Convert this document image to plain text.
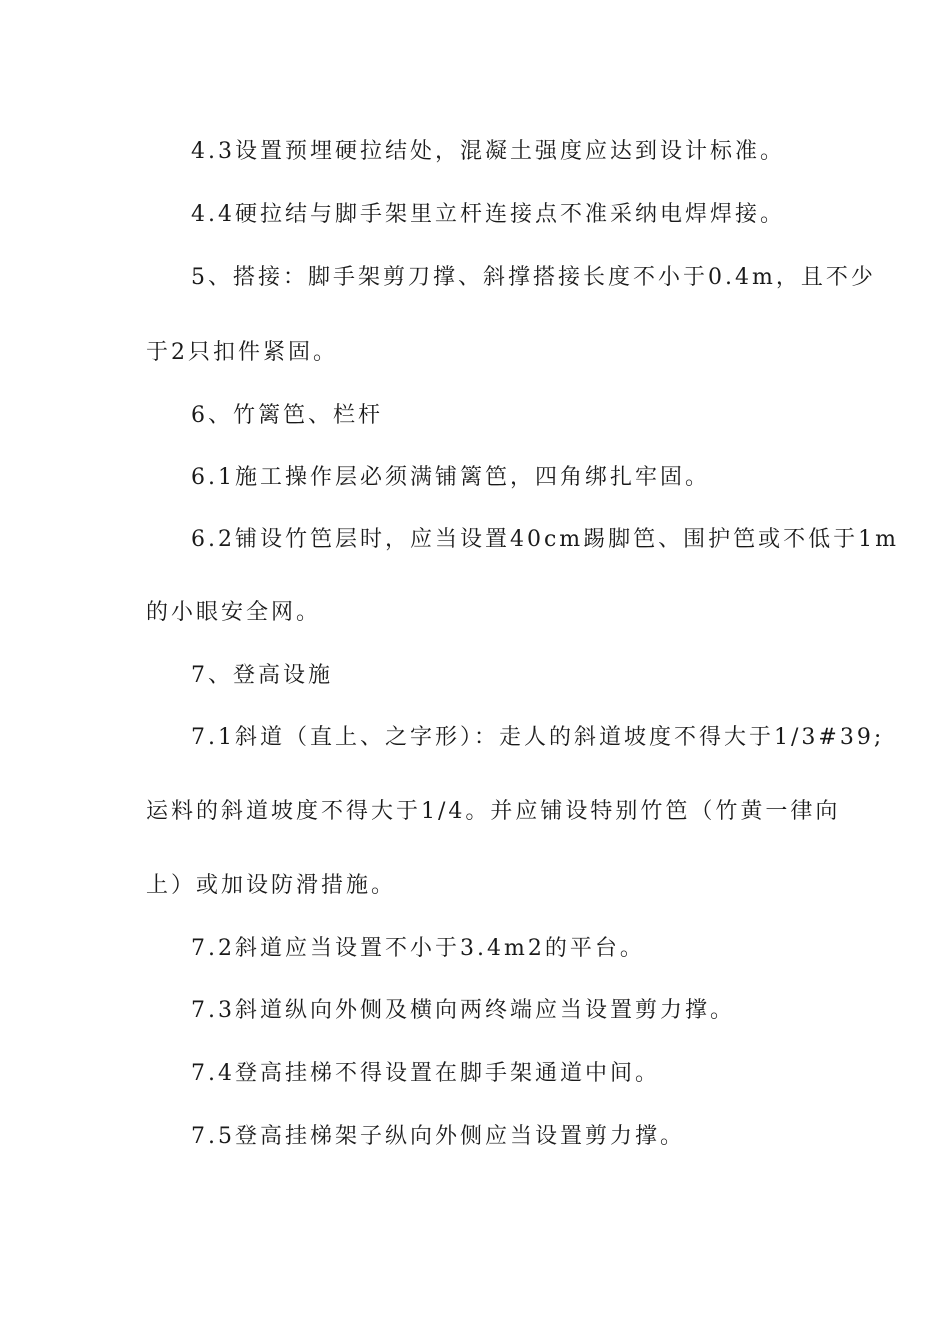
4.3设置预埋硬拉结处，混凝土强度应达到设计标准。
4.4硬拉结与脚手架里立杆连接点不准采纳电焊焊接。
5、搭接：脚手架剪刀撑、斜撑搭接长度不小于0.4m，且不少
于2只扣件紧固。
6、竹篱笆、栏杆
6.1施工操作层必须满铺篱笆，四角绑扎牢固。
6.2铺设竹笆层时，应当设置40cm踢脚笆、围护笆或不低于1m
的小眼安全网。
7、登高设施
7.1斜道（直上、之字形）：走人的斜道坡度不得大于1/3#39;
运料的斜道坡度不得大于1/4。并应铺设特别竹笆（竹黄一律向
上）或加设防滑措施。
7.2斜道应当设置不小于3.4m2的平台。
7.3斜道纵向外侧及横向两终端应当设置剪力撑。
7.4登高挂梯不得设置在脚手架通道中间。
7.5登高挂梯架子纵向外侧应当设置剪力撑。
